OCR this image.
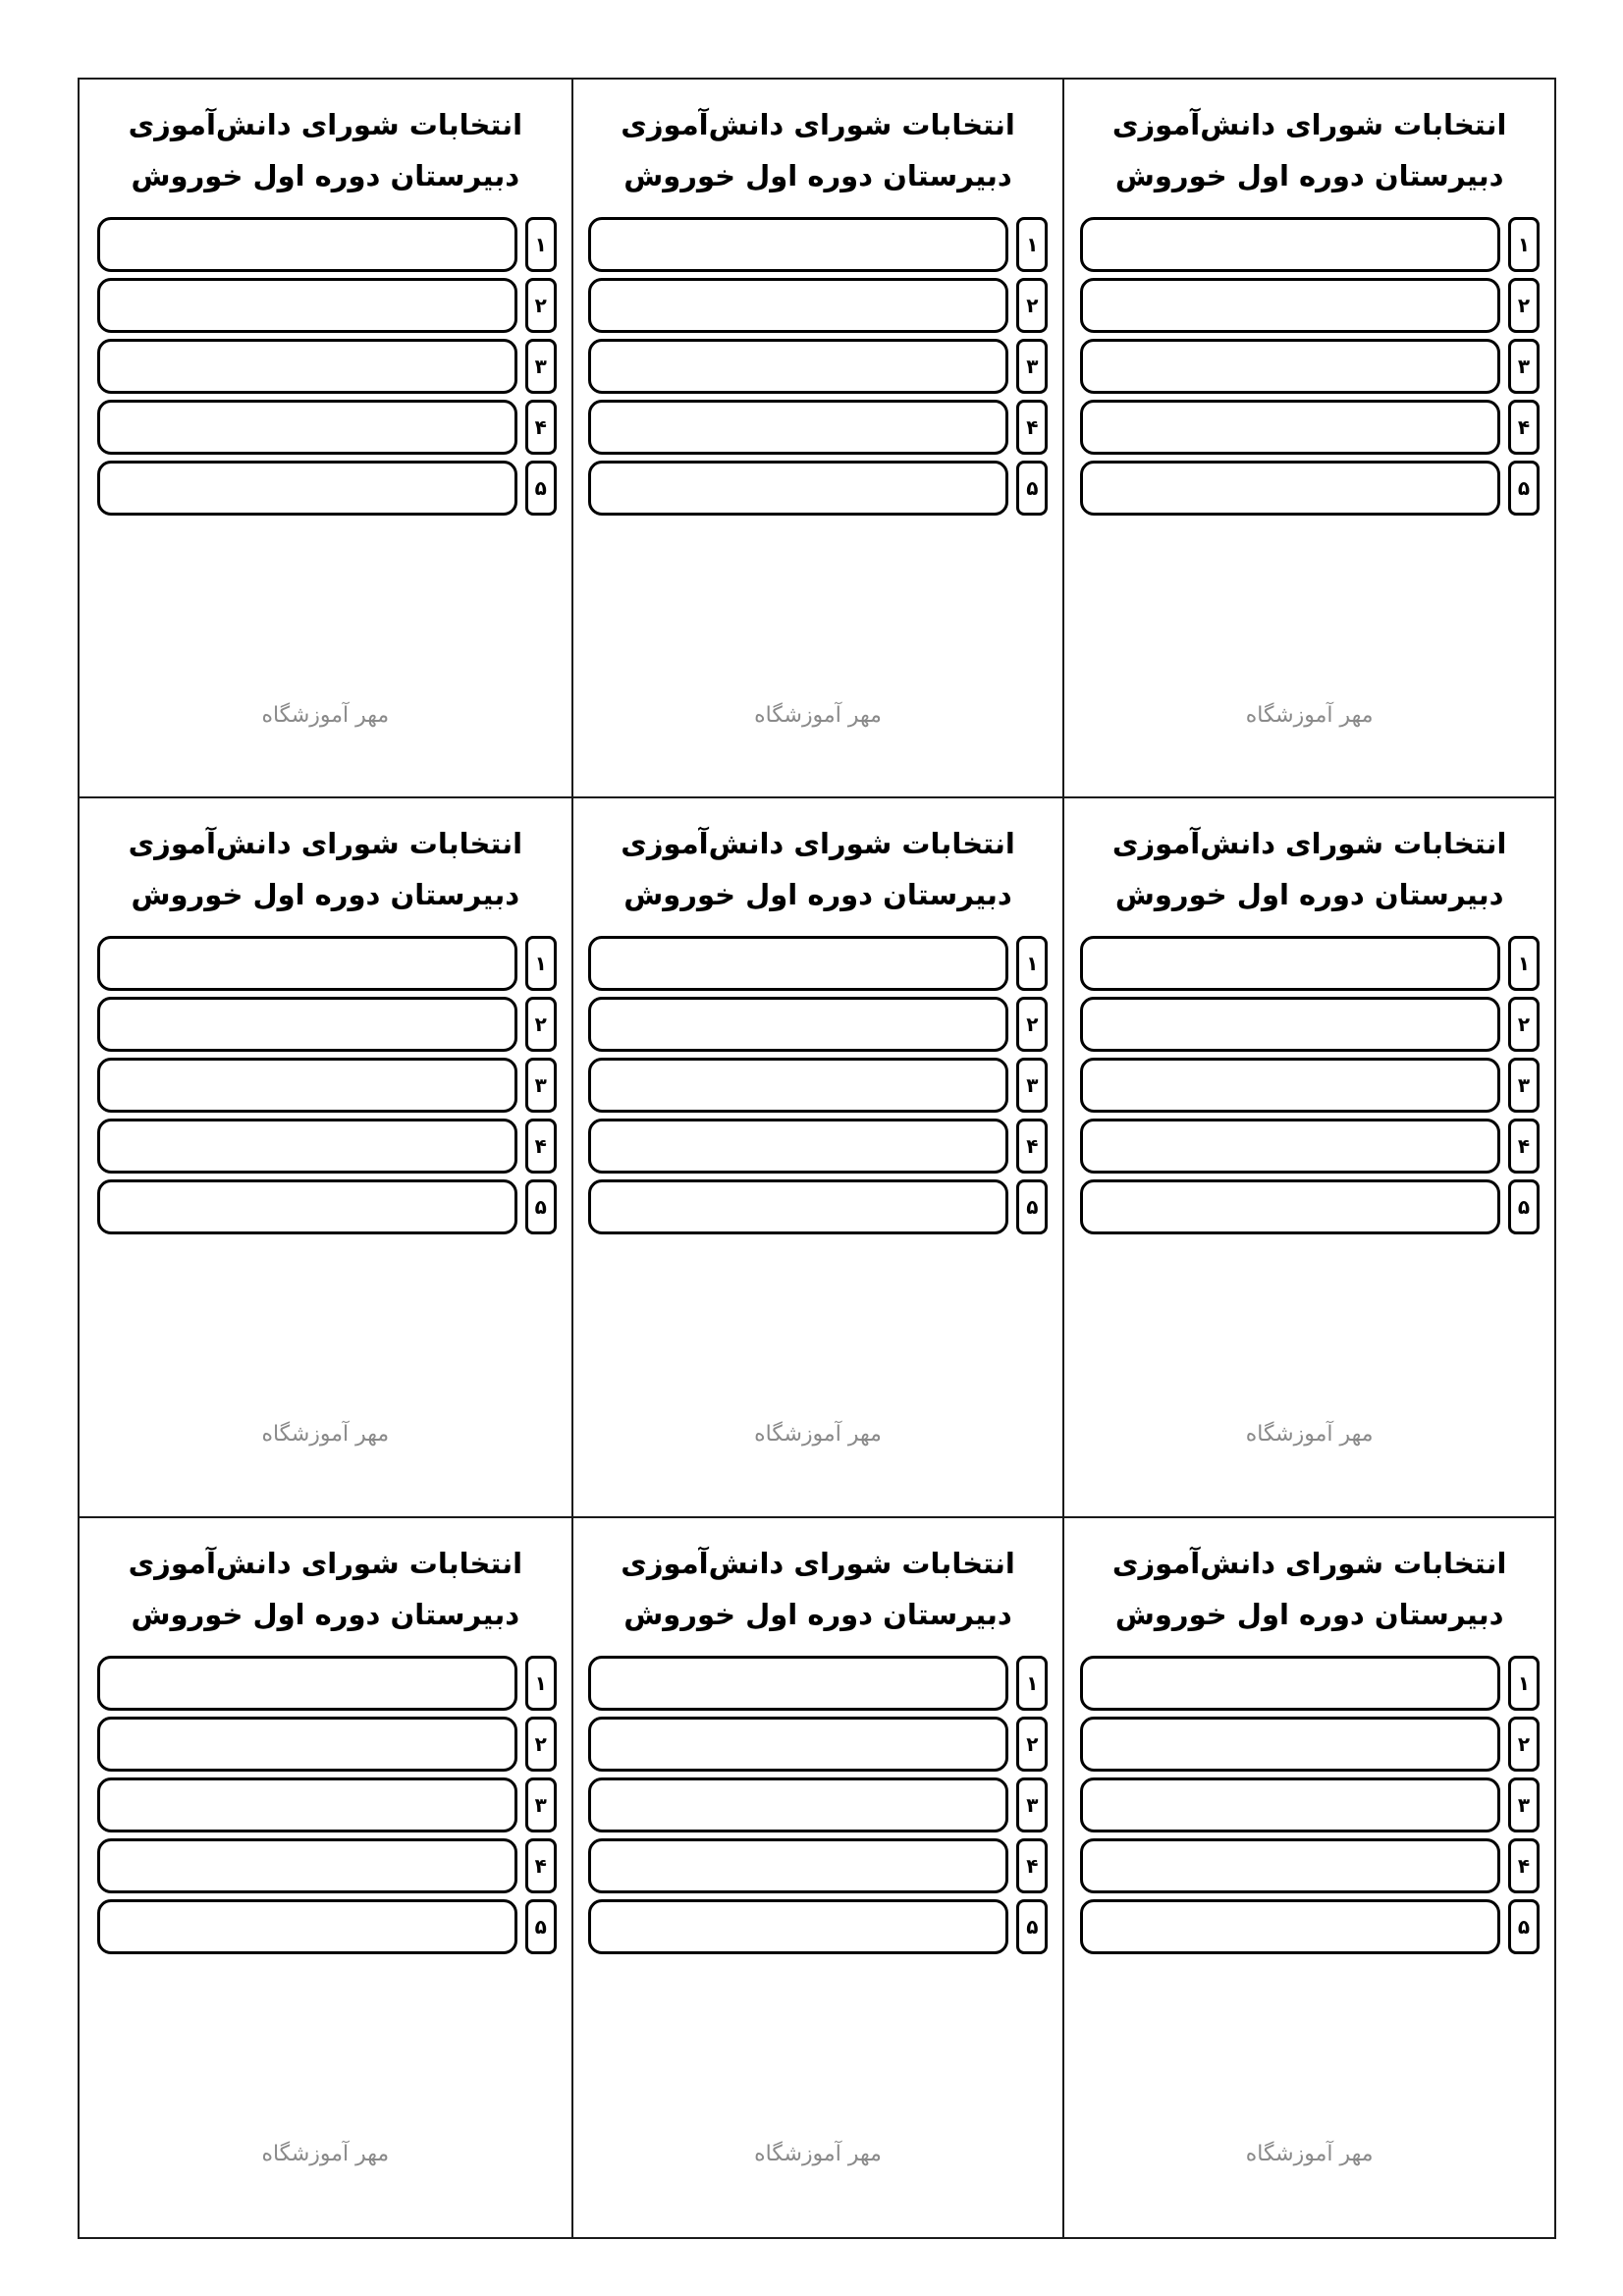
انتخابات شورای دانش‌آموزی
دبیرستان دوره اول خوروش
۱
۲
۳
۴
۵
مهر آموزشگاه
انتخابات شورای دانش‌آموزی
دبیرستان دوره اول خوروش
۱
۲
۳
۴
۵
مهر آموزشگاه
انتخابات شورای دانش‌آموزی
دبیرستان دوره اول خوروش
۱
۲
۳
۴
۵
مهر آموزشگاه
انتخابات شورای دانش‌آموزی
دبیرستان دوره اول خوروش
۱
۲
۳
۴
۵
مهر آموزشگاه
انتخابات شورای دانش‌آموزی
دبیرستان دوره اول خوروش
۱
۲
۳
۴
۵
مهر آموزشگاه
انتخابات شورای دانش‌آموزی
دبیرستان دوره اول خوروش
۱
۲
۳
۴
۵
مهر آموزشگاه
انتخابات شورای دانش‌آموزی
دبیرستان دوره اول خوروش
۱
۲
۳
۴
۵
مهر آموزشگاه
انتخابات شورای دانش‌آموزی
دبیرستان دوره اول خوروش
۱
۲
۳
۴
۵
مهر آموزشگاه
انتخابات شورای دانش‌آموزی
دبیرستان دوره اول خوروش
۱
۲
۳
۴
۵
مهر آموزشگاه
